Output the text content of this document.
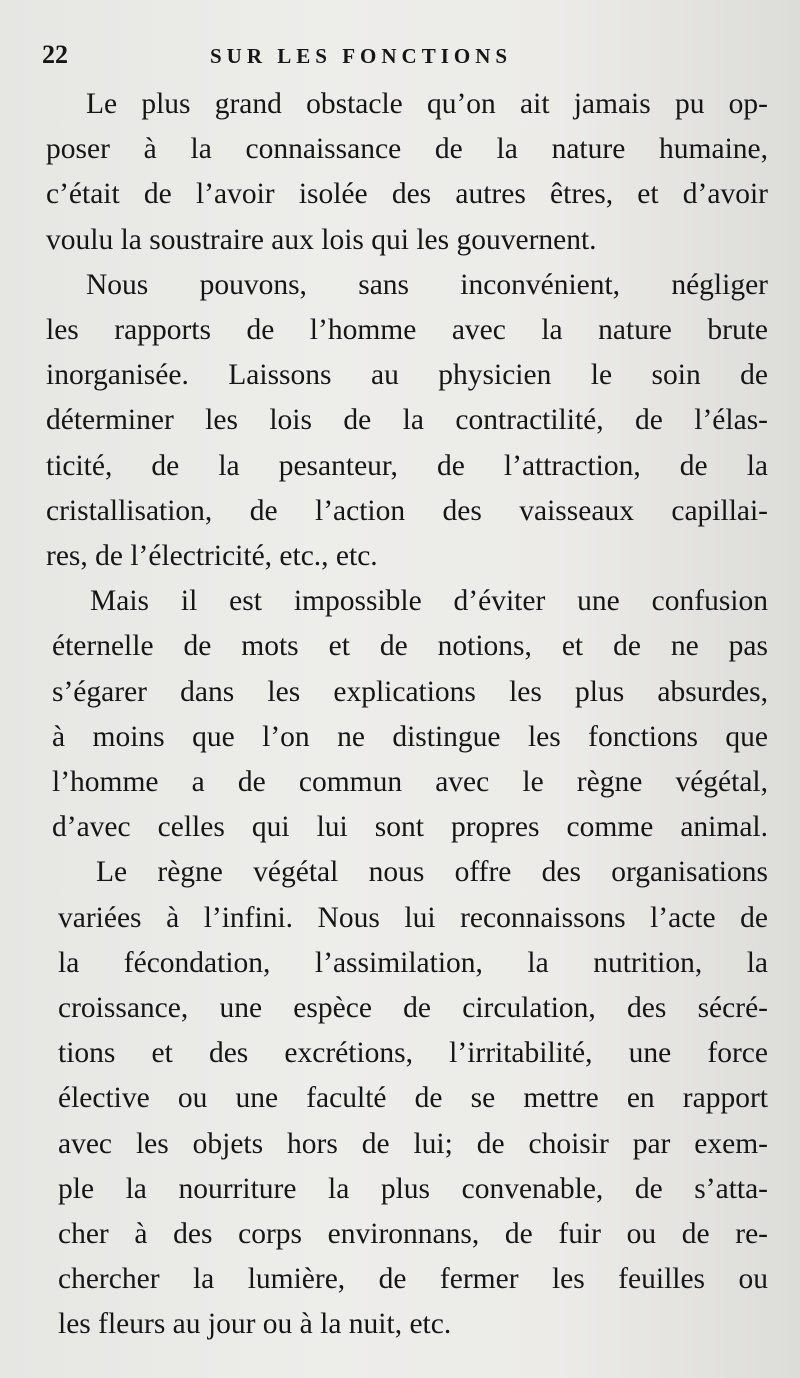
22	SUR LES FONCTIONS

Le plus grand obstacle qu’on ait jamais pu op-
poser à la connaissance de la nature humaine,
c’était de l’avoir isolée des autres êtres, et d’avoir
voulu la soustraire aux lois qui les gouvernent.

Nous pouvons, sans inconvénient, négliger
les rapports de l’homme avec la nature brute
inorganisée. Laissons au physicien le soin de
déterminer les lois de la contractilité, de l’élas-
ticité, de la pesanteur, de l’attraction, de la
cristallisation, de l’action des vaisseaux capillai-
res, de l’électricité, etc., etc.

Mais il est impossible d’éviter une confusion
éternelle de mots et de notions, et de ne pas
s’égarer dans les explications les plus absurdes,
à moins que l’on ne distingue les fonctions que
l’homme a de commun avec le règne végétal,
d’avec celles qui lui sont propres comme animal.

Le règne végétal nous offre des organisations
variées à l’infini. Nous lui reconnaissons l’acte de
la fécondation, l’assimilation, la nutrition, la
croissance, une espèce de circulation, des sécré-
tions et des excrétions, l’irritabilité, une force
élective ou une faculté de se mettre en rapport
avec les objets hors de lui; de choisir par exem-
ple la nourriture la plus convenable, de s’atta-
cher à des corps environnans, de fuir ou de re-
chercher la lumière, de fermer les feuilles ou
les fleurs au jour ou à la nuit, etc.
